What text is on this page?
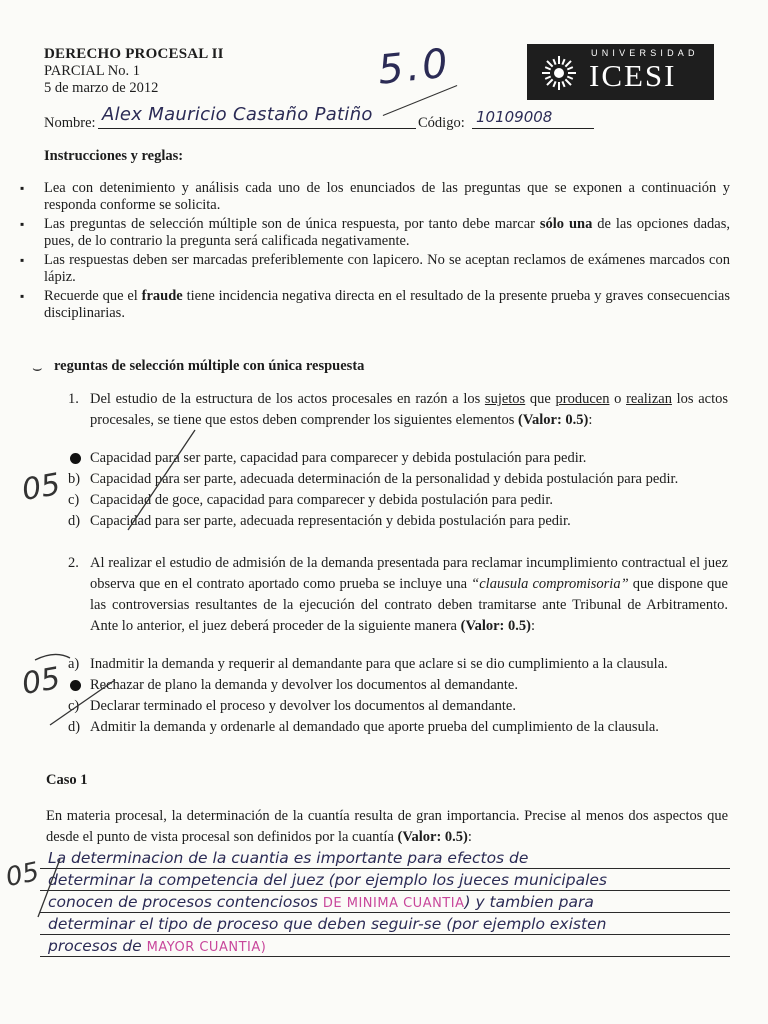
DERECHO PROCESAL II
PARCIAL No. 1
5 de marzo de 2012	5.0	UNIVERSIDAD
ICESI
Nombre: Alex Mauricio Castaño Patiño	Código: 10109008
Instrucciones y reglas:
▪ Lea con detenimiento y análisis cada uno de los enunciados de las preguntas que se exponen a continuación y responda conforme se solicita.
▪ Las preguntas de selección múltiple son de única respuesta, por tanto debe marcar sólo una de las opciones dadas, pues, de lo contrario la pregunta será calificada negativamente.
▪ Las respuestas deben ser marcadas preferiblemente con lapicero. No se aceptan reclamos de exámenes marcados con lápiz.
▪ Recuerde que el fraude tiene incidencia negativa directa en el resultado de la presente prueba y graves consecuencias disciplinarias.
⌣ reguntas de selección múltiple con única respuesta
1. Del estudio de la estructura de los actos procesales en razón a los sujetos que producen o realizan los actos procesales, se tiene que estos deben comprender los siguientes elementos (Valor: 0.5):
Capacidad para ser parte, capacidad para comparecer y debida postulación para pedir.
b) Capacidad para ser parte, adecuada determinación de la personalidad y debida postulación para pedir.
c) Capacidad de goce, capacidad para comparecer y debida postulación para pedir.
d) Capacidad para ser parte, adecuada representación y debida postulación para pedir.
05
2. Al realizar el estudio de admisión de la demanda presentada para reclamar incumplimiento contractual el juez observa que en el contrato aportado como prueba se incluye una “clausula compromisoria” que dispone que las controversias resultantes de la ejecución del contrato deben tramitarse ante Tribunal de Arbitramento. Ante lo anterior, el juez deberá proceder de la siguiente manera (Valor: 0.5):
a) Inadmitir la demanda y requerir al demandante para que aclare si se dio cumplimiento a la clausula.
Rechazar de plano la demanda y devolver los documentos al demandante.
c) Declarar terminado el proceso y devolver los documentos al demandante.
d) Admitir la demanda y ordenarle al demandado que aporte prueba del cumplimiento de la clausula.
05
Caso 1
En materia procesal, la determinación de la cuantía resulta de gran importancia. Precise al menos dos aspectos que desde el punto de vista procesal son definidos por la cuantía (Valor: 0.5):
La determinacion de la cuantia es importante para efectos de
determinar la competencia del juez (por ejemplo los jueces municipales
conocen de procesos contenciosos DE MINIMA CUANTIA) y tambien para
determinar el tipo de proceso que deben seguir-se (por ejemplo existen
procesos de MAYOR CUANTIA)
05
